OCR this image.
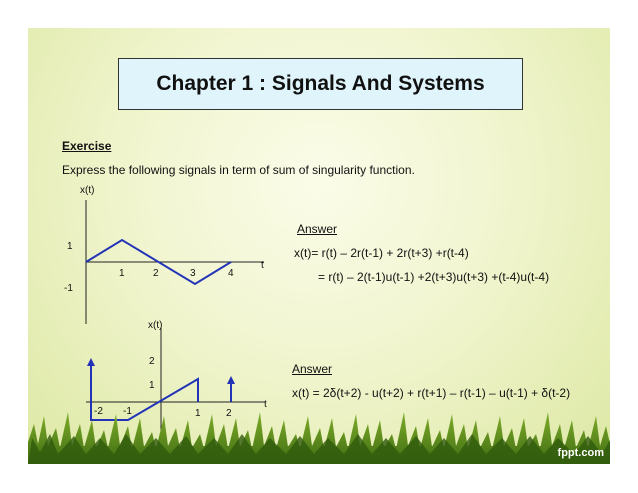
Chapter 1 : Signals And Systems
Exercise
Express the following signals in term of sum of singularity function.
x(t)
1
-1
1	2	3	4
t
Answer
x(t)= r(t) – 2r(t-1) + 2r(t+3) +r(t-4)
= r(t) – 2(t-1)u(t-1) +2(t+3)u(t+3) +(t-4)u(t-4)
x(t)
2
1
-2 -1	1	2
t
Answer
x(t) = 2δ(t+2) - u(t+2) + r(t+1) – r(t-1) – u(t-1) + δ(t-2)
fppt.com
